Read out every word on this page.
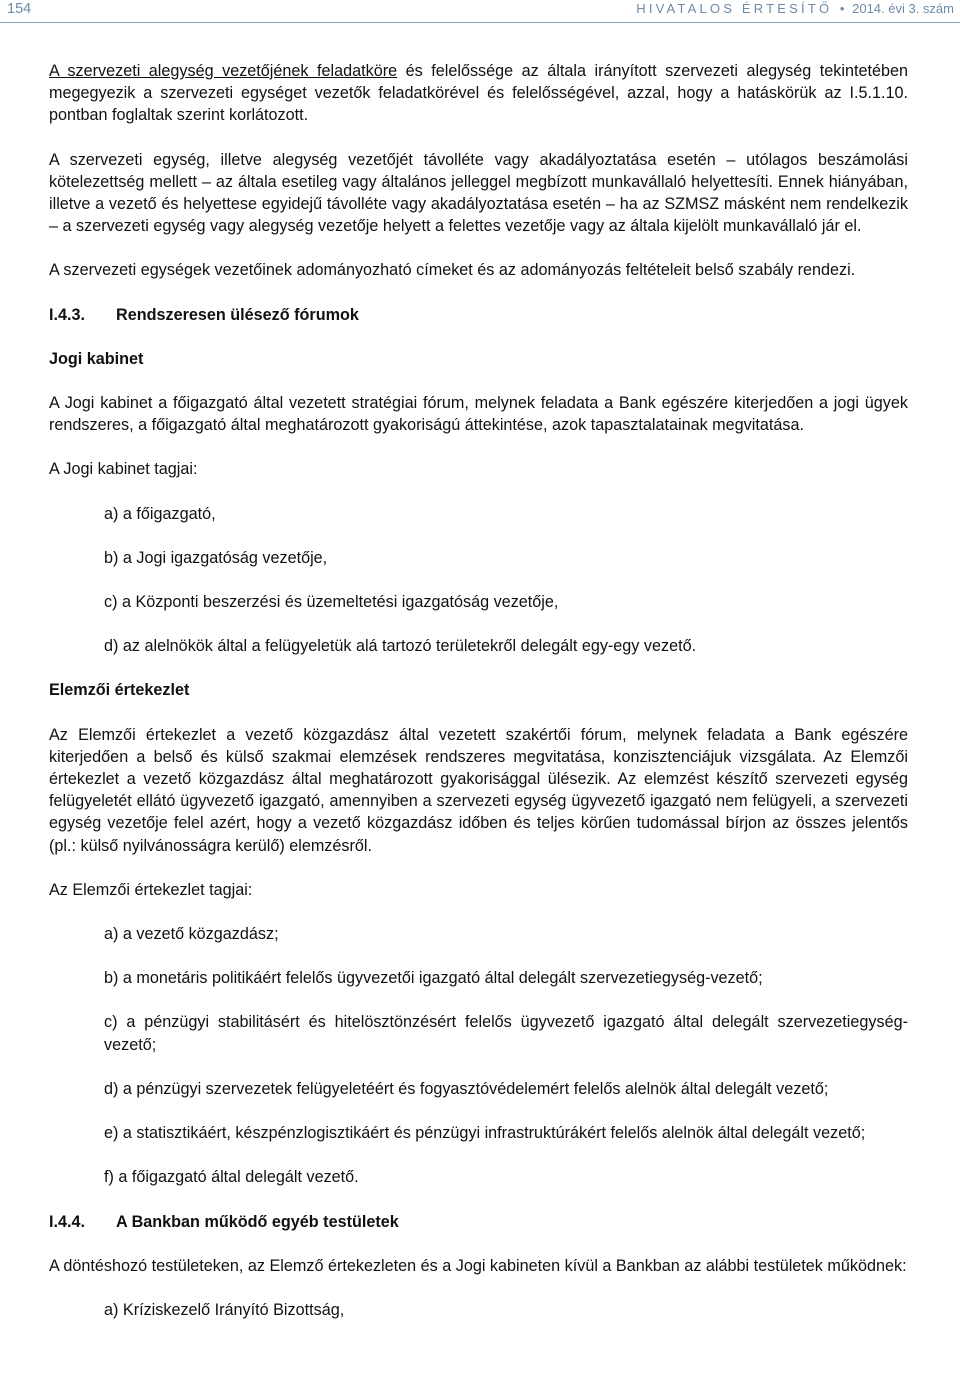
154	HIVATALOS ÉRTESÍTŐ • 2014. évi 3. szám

A szervezeti alegység vezetőjének feladatköre és felelőssége az általa irányított szervezeti alegység tekintetében megegyezik a szervezeti egységet vezetők feladatkörével és felelősségével, azzal, hogy a hatáskörük az I.5.1.10. pontban foglaltak szerint korlátozott.

A szervezeti egység, illetve alegység vezetőjét távolléte vagy akadályoztatása esetén – utólagos beszámolási kötelezettség mellett – az általa esetileg vagy általános jelleggel megbízott munkavállaló helyettesíti. Ennek hiányában, illetve a vezető és helyettese egyidejű távolléte vagy akadályoztatása esetén – ha az SZMSZ másként nem rendelkezik – a szervezeti egység vagy alegység vezetője helyett a felettes vezetője vagy az általa kijelölt munkavállaló jár el.

A szervezeti egységek vezetőinek adományozható címeket és az adományozás feltételeit belső szabály rendezi.

I.4.3.	Rendszeresen ülésező fórumok

Jogi kabinet

A Jogi kabinet a főigazgató által vezetett stratégiai fórum, melynek feladata a Bank egészére kiterjedően a jogi ügyek rendszeres, a főigazgató által meghatározott gyakoriságú áttekintése, azok tapasztalatainak megvitatása.

A Jogi kabinet tagjai:

a) a főigazgató,
b) a Jogi igazgatóság vezetője,
c) a Központi beszerzési és üzemeltetési igazgatóság vezetője,
d) az alelnökök által a felügyeletük alá tartozó területekről delegált egy-egy vezető.

Elemzői értekezlet

Az Elemzői értekezlet a vezető közgazdász által vezetett szakértői fórum, melynek feladata a Bank egészére kiterjedően a belső és külső szakmai elemzések rendszeres megvitatása, konzisztenciájuk vizsgálata. Az Elemzői értekezlet a vezető közgazdász által meghatározott gyakorisággal ülésezik. Az elemzést készítő szervezeti egység felügyeletét ellátó ügyvezető igazgató, amennyiben a szervezeti egység ügyvezető igazgató nem felügyeli, a szervezeti egység vezetője felel azért, hogy a vezető közgazdász időben és teljes körűen tudomással bírjon az összes jelentős (pl.: külső nyilvánosságra kerülő) elemzésről.

Az Elemzői értekezlet tagjai:

a) a vezető közgazdász;
b) a monetáris politikáért felelős ügyvezetői igazgató által delegált szervezetiegység-vezető;
c) a pénzügyi stabilitásért és hitelösztönzésért felelős ügyvezető igazgató által delegált szervezetiegység-vezető;
d) a pénzügyi szervezetek felügyeletéért és fogyasztóvédelemért felelős alelnök által delegált vezető;
e) a statisztikáért, készpénzlogisztikáért és pénzügyi infrastruktúrákért felelős alelnök által delegált vezető;
f) a főigazgató által delegált vezető.
I.4.4.	A Bankban működő egyéb testületek

A döntéshozó testületeken, az Elemző értekezleten és a Jogi kabineten kívül a Bankban az alábbi testületek működnek:

a) Kríziskezelő Irányító Bizottság,
